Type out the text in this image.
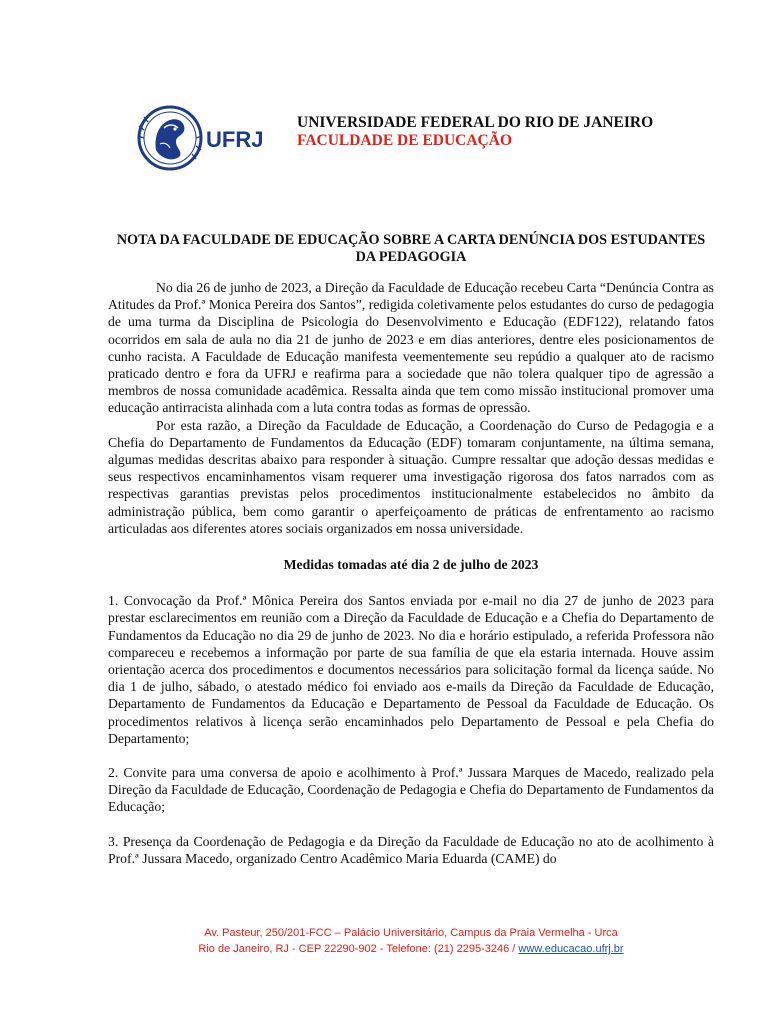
UFRJ
UNIVERSIDADE FEDERAL DO RIO DE JANEIRO
FACULDADE DE EDUCAÇÃO
NOTA DA FACULDADE DE EDUCAÇÃO SOBRE A CARTA DENÚNCIA DOS ESTUDANTES DA PEDAGOGIA

No dia 26 de junho de 2023, a Direção da Faculdade de Educação recebeu Carta “Denúncia Contra as Atitudes da Prof.ª Monica Pereira dos Santos”, redigida coletivamente pelos estudantes do curso de pedagogia de uma turma da Disciplina de Psicologia do Desenvolvimento e Educação (EDF122), relatando fatos ocorridos em sala de aula no dia 21 de junho de 2023 e em dias anteriores, dentre eles posicionamentos de cunho racista. A Faculdade de Educação manifesta veementemente seu repúdio a qualquer ato de racismo praticado dentro e fora da UFRJ e reafirma para a sociedade que não tolera qualquer tipo de agressão a membros de nossa comunidade acadêmica. Ressalta ainda que tem como missão institucional promover uma educação antirracista alinhada com a luta contra todas as formas de opressão.

Por esta razão, a Direção da Faculdade de Educação, a Coordenação do Curso de Pedagogia e a Chefia do Departamento de Fundamentos da Educação (EDF) tomaram conjuntamente, na última semana, algumas medidas descritas abaixo para responder à situação. Cumpre ressaltar que adoção dessas medidas e seus respectivos encaminhamentos visam requerer uma investigação rigorosa dos fatos narrados com as respectivas garantias previstas pelos procedimentos institucionalmente estabelecidos no âmbito da administração pública, bem como garantir o aperfeiçoamento de práticas de enfrentamento ao racismo articuladas aos diferentes atores sociais organizados em nossa universidade.

Medidas tomadas até dia 2 de julho de 2023

1. Convocação da Prof.ª Mônica Pereira dos Santos enviada por e-mail no dia 27 de junho de 2023 para prestar esclarecimentos em reunião com a Direção da Faculdade de Educação e a Chefia do Departamento de Fundamentos da Educação no dia 29 de junho de 2023. No dia e horário estipulado, a referida Professora não compareceu e recebemos a informação por parte de sua família de que ela estaria internada. Houve assim orientação acerca dos procedimentos e documentos necessários para solicitação formal da licença saúde. No dia 1 de julho, sábado, o atestado médico foi enviado aos e-mails da Direção da Faculdade de Educação, Departamento de Fundamentos da Educação e Departamento de Pessoal da Faculdade de Educação. Os procedimentos relativos à licença serão encaminhados pelo Departamento de Pessoal e pela Chefia do Departamento;

2. Convite para uma conversa de apoio e acolhimento à Prof.ª Jussara Marques de Macedo, realizado pela Direção da Faculdade de Educação, Coordenação de Pedagogia e Chefia do Departamento de Fundamentos da Educação;

3. Presença da Coordenação de Pedagogia e da Direção da Faculdade de Educação no ato de acolhimento à Prof.ª Jussara Macedo, organizado Centro Acadêmico Maria Eduarda (CAME) do

Av. Pasteur, 250/201-FCC – Palácio Universitário, Campus da Praia Vermelha - Urca
Rio de Janeiro, RJ - CEP 22290-902 - Telefone: (21) 2295-3246 / www.educacao.ufrj.br
